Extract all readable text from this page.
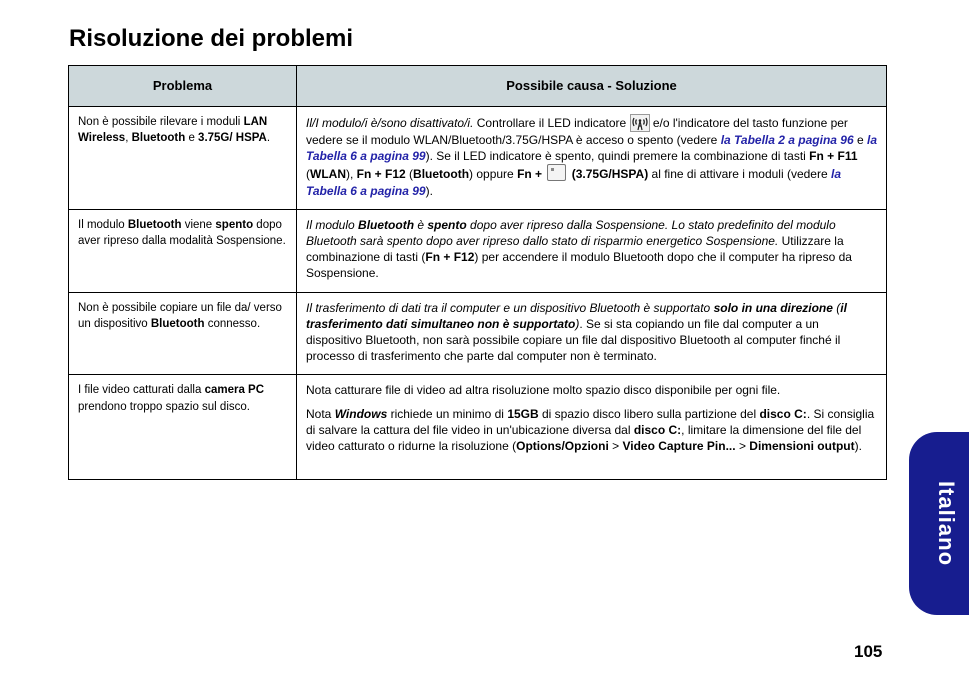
Risoluzione dei problemi
Problema	Possibile causa - Soluzione
Non è possibile rilevare i moduli LAN Wireless, Bluetooth e 3.75G/ HSPA.	Il/I modulo/i è/sono disattivato/i. Controllare il LED indicatore  e/o l'indicatore del tasto funzione per vedere se il modulo WLAN/Bluetooth/3.75G/HSPA è acceso o spento (vedere la Tabella 2 a pagina 96 e la Tabella 6 a pagina 99). Se il LED indicatore è spento, quindi premere la combinazione di tasti Fn + F11 (WLAN), Fn + F12 (Bluetooth) oppure Fn +  (3.75G/HSPA) al fine di attivare i moduli (vedere la Tabella 6 a pagina 99).
Il modulo Bluetooth viene spento dopo aver ripreso dalla modalità Sospensione.	Il modulo Bluetooth è spento dopo aver ripreso dalla Sospensione. Lo stato predefinito del modulo Bluetooth sarà spento dopo aver ripreso dallo stato di risparmio energetico Sospensione. Utilizzare la combinazione di tasti (Fn + F12) per accendere il modulo Bluetooth dopo che il computer ha ripreso da Sospensione.
Non è possibile copiare un file da/ verso un dispositivo Bluetooth connesso.	Il trasferimento di dati tra il computer e un dispositivo Bluetooth è supportato solo in una direzione (il trasferimento dati simultaneo non è supportato). Se si sta copiando un file dal computer a un dispositivo Bluetooth, non sarà possibile copiare un file dal dispositivo Bluetooth al computer finché il processo di trasferimento che parte dal computer non è terminato.
I file video catturati dalla camera PC prendono troppo spazio sul disco.	Nota catturare file di video ad altra risoluzione molto spazio disco disponibile per ogni file.

Nota Windows richiede un minimo di 15GB di spazio disco libero sulla partizione del disco C:. Si consiglia di salvare la cattura del file video in un'ubicazione diversa dal disco C:, limitare la dimensione del file del video catturato o ridurne la risoluzione (Options/Opzioni > Video Capture Pin... > Dimensioni output).

Italiano
105
